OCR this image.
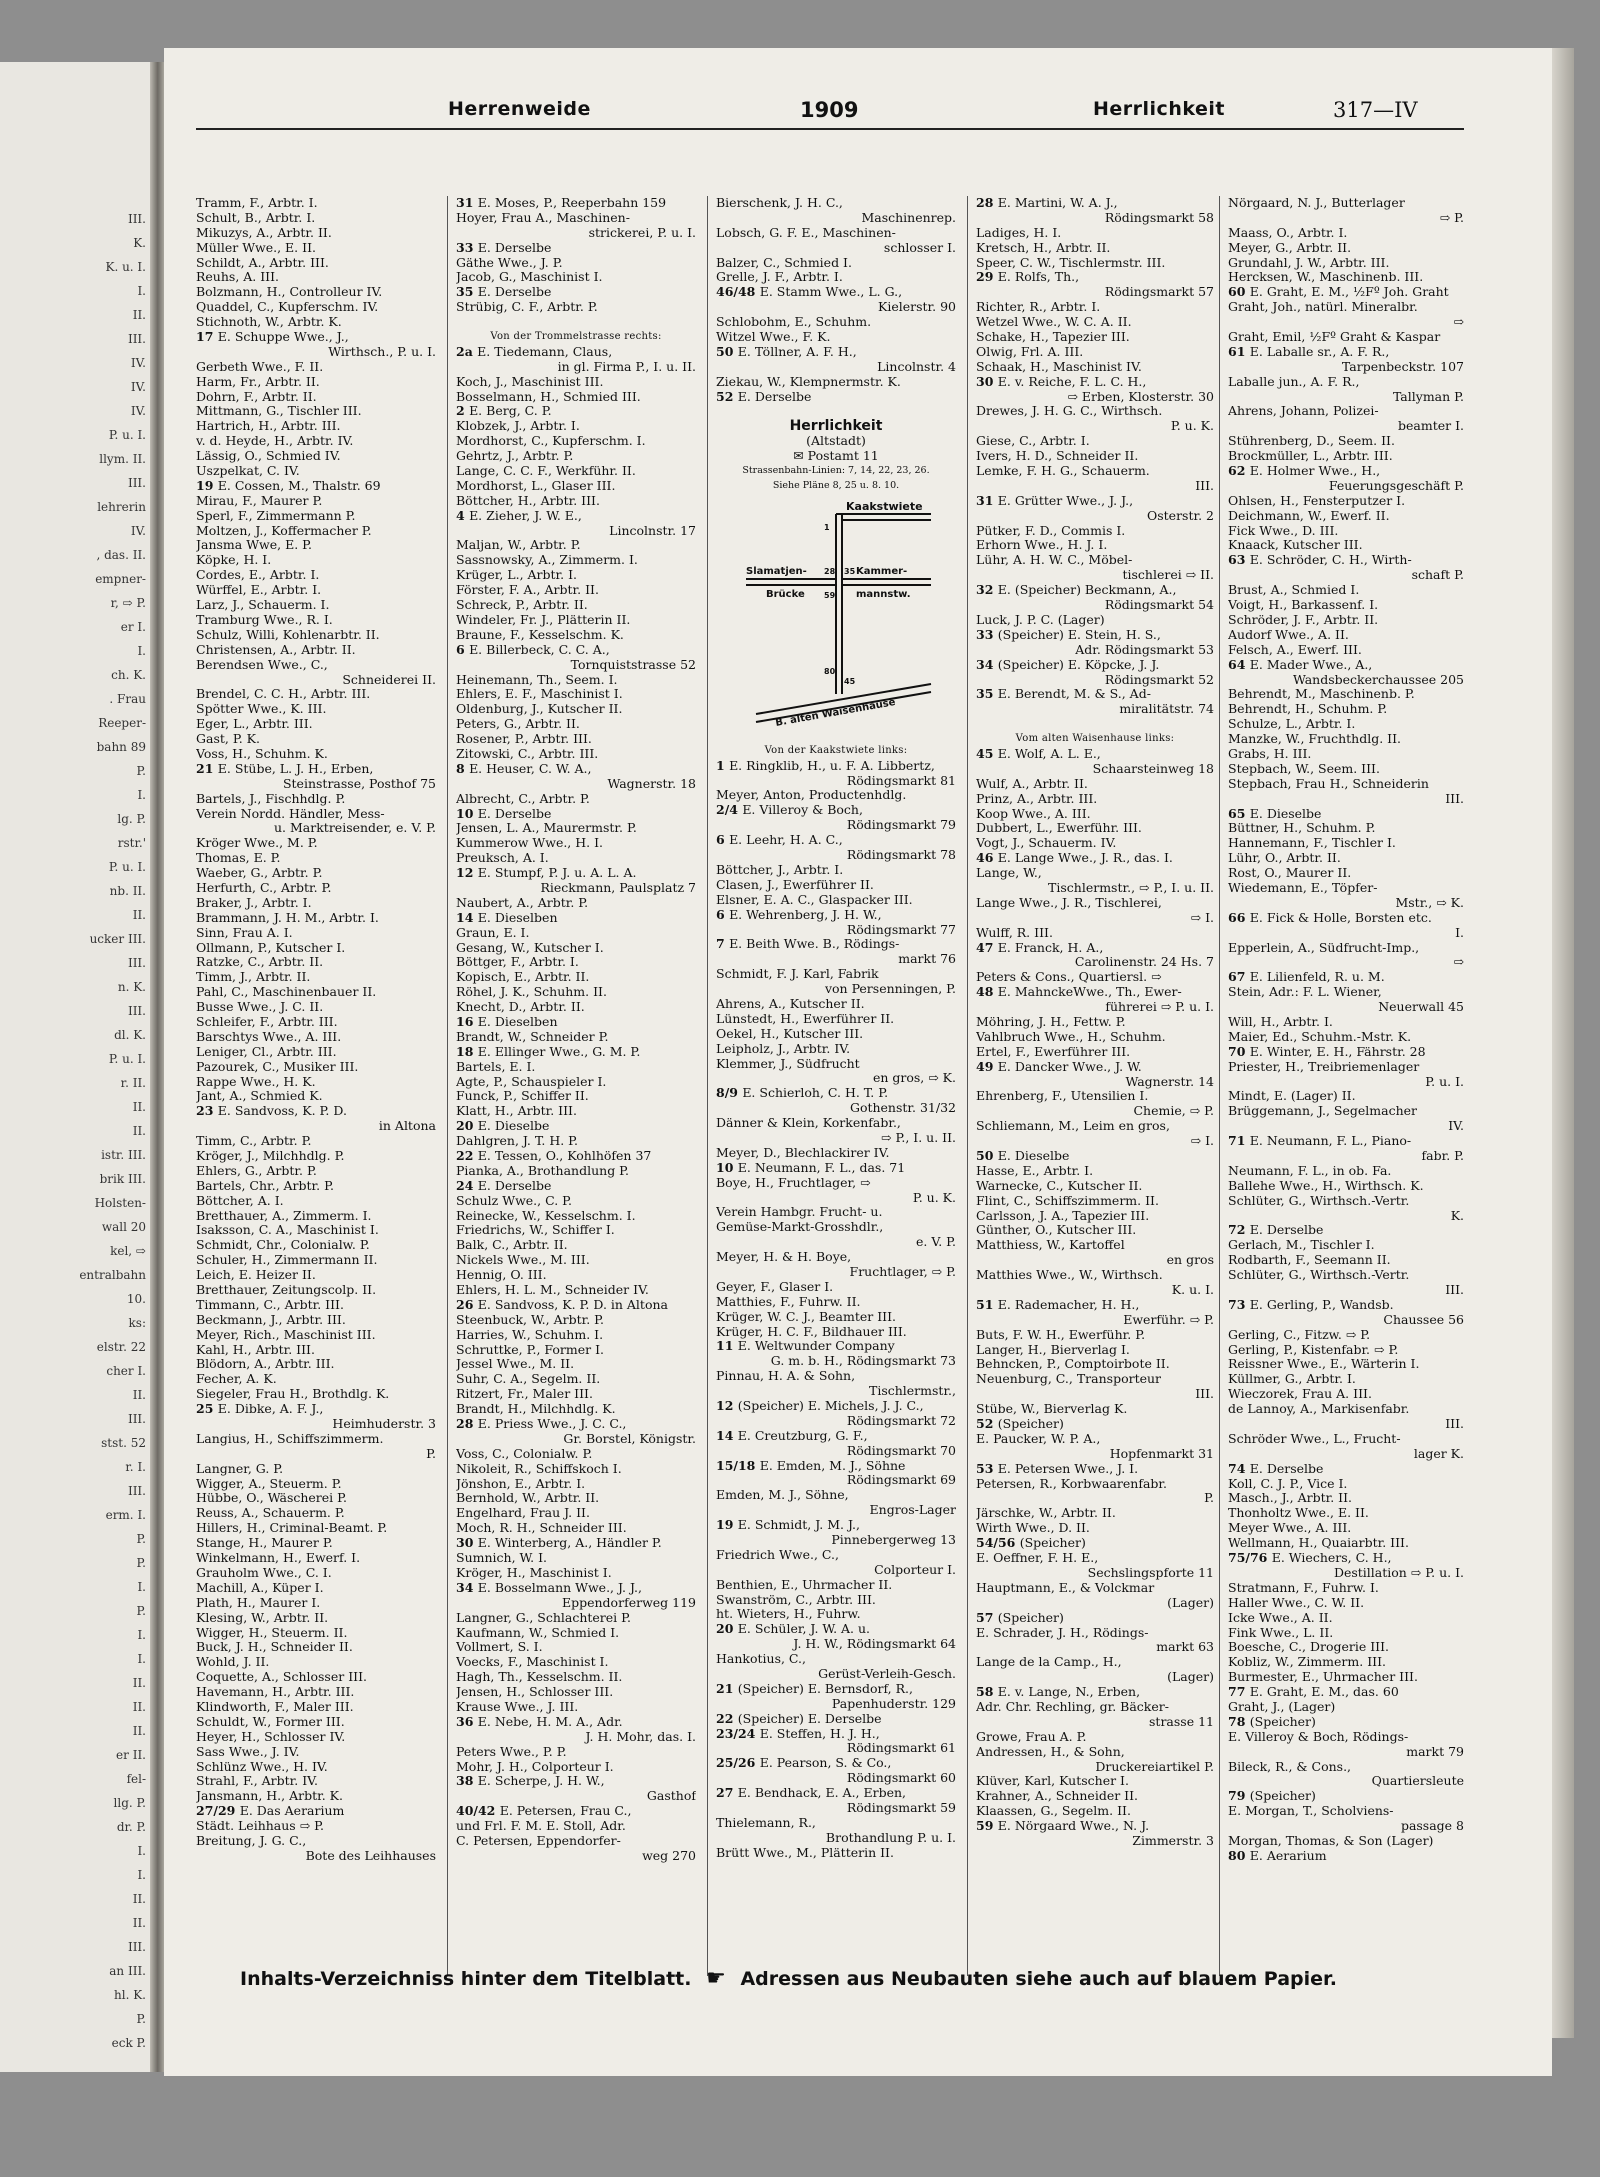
III.
K.
K. u. I.
I.
II.
III.
IV.
IV.
IV.
P. u. I.
llym. II.
III.
lehrerin
IV.
, das. II.
empner-
r, ⇨ P.
er I.
I.
ch. K.
. Frau
Reeper-
bahn 89
P.
I.
lg. P.
rstr.'
P. u. I.
nb. II.
II.
ucker III.
III.
n. K.
III.
dl. K.
P. u. I.
r. II.
II.
II.
istr. III.
brik III.
Holsten-
wall 20
kel, ⇨
entralbahn
10.
ks:
elstr. 22
cher I.
II.
III.
stst. 52
r. I.
III.
erm. I.
P.
P.
I.
P.
I.
I.
II.
II.
II.
er II.
fel-
llg. P.
dr. P.
I.
I.
II.
II.
III.
an III.
hl. K.
P.
eck P.
Herrenweide	1909	Herrlichkeit	317—IV
Tramm, F., Arbtr. I.
Schult, B., Arbtr. I.
Mikuzys, A., Arbtr. II.
Müller Wwe., E. II.
Schildt, A., Arbtr. III.
Reuhs, A. III.
Bolzmann, H., Controlleur IV.
Quaddel, C., Kupferschm. IV.
Stichnoth, W., Arbtr. K.
17 E. Schuppe Wwe., J.,
Wirthsch., P. u. I.
Gerbeth Wwe., F. II.
Harm, Fr., Arbtr. II.
Dohrn, F., Arbtr. II.
Mittmann, G., Tischler III.
Hartrich, H., Arbtr. III.
v. d. Heyde, H., Arbtr. IV.
Lässig, O., Schmied IV.
Uszpelkat, C. IV.
19 E. Cossen, M., Thalstr. 69
Mirau, F., Maurer P.
Sperl, F., Zimmermann P.
Moltzen, J., Koffermacher P.
Jansma Wwe, E. P.
Köpke, H. I.
Cordes, E., Arbtr. I.
Würffel, E., Arbtr. I.
Larz, J., Schauerm. I.
Tramburg Wwe., R. I.
Schulz, Willi, Kohlenarbtr. II.
Christensen, A., Arbtr. II.
Berendsen Wwe., C.,
Schneiderei II.
Brendel, C. C. H., Arbtr. III.
Spötter Wwe., K. III.
Eger, L., Arbtr. III.
Gast, P. K.
Voss, H., Schuhm. K.
21 E. Stübe, L. J. H., Erben,
Steinstrasse, Posthof 75
Bartels, J., Fischhdlg. P.
Verein Nordd. Händler, Mess-
u. Marktreisender, e. V. P.
Kröger Wwe., M. P.
Thomas, E. P.
Waeber, G., Arbtr. P.
Herfurth, C., Arbtr. P.
Braker, J., Arbtr. I.
Brammann, J. H. M., Arbtr. I.
Sinn, Frau A. I.
Ollmann, P., Kutscher I.
Ratzke, C., Arbtr. II.
Timm, J., Arbtr. II.
Pahl, C., Maschinenbauer II.
Busse Wwe., J. C. II.
Schleifer, F., Arbtr. III.
Barschtys Wwe., A. III.
Leniger, Cl., Arbtr. III.
Pazourek, C., Musiker III.
Rappe Wwe., H. K.
Jant, A., Schmied K.
23 E. Sandvoss, K. P. D.
in Altona
Timm, C., Arbtr. P.
Kröger, J., Milchhdlg. P.
Ehlers, G., Arbtr. P.
Bartels, Chr., Arbtr. P.
Böttcher, A. I.
Bretthauer, A., Zimmerm. I.
Isaksson, C. A., Maschinist I.
Schmidt, Chr., Colonialw. P.
Schuler, H., Zimmermann II.
Leich, E. Heizer II.
Bretthauer, Zeitungscolp. II.
Timmann, C., Arbtr. III.
Beckmann, J., Arbtr. III.
Meyer, Rich., Maschinist III.
Kahl, H., Arbtr. III.
Blödorn, A., Arbtr. III.
Fecher, A. K.
Siegeler, Frau H., Brothdlg. K.
25 E. Dibke, A. F. J.,
Heimhuderstr. 3
Langius, H., Schiffszimmerm.
P.
Langner, G. P.
Wigger, A., Steuerm. P.
Hübbe, O., Wäscherei P.
Reuss, A., Schauerm. P.
Hillers, H., Criminal-Beamt. P.
Stange, H., Maurer P.
Winkelmann, H., Ewerf. I.
Grauholm Wwe., C. I.
Machill, A., Küper I.
Plath, H., Maurer I.
Klesing, W., Arbtr. II.
Wigger, H., Steuerm. II.
Buck, J. H., Schneider II.
Wohld, J. II.
Coquette, A., Schlosser III.
Havemann, H., Arbtr. III.
Klindworth, F., Maler III.
Schuldt, W., Former III.
Heyer, H., Schlosser IV.
Sass Wwe., J. IV.
Schlünz Wwe., H. IV.
Strahl, F., Arbtr. IV.
Jansmann, H., Arbtr. K.
27/29 E. Das Aerarium
Städt. Leihhaus ⇨ P.
Breitung, J. G. C.,
Bote des Leihhauses
31 E. Moses, P., Reeperbahn 159
Hoyer, Frau A., Maschinen-
strickerei, P. u. I.
33 E. Derselbe
Gäthe Wwe., J. P.
Jacob, G., Maschinist I.
35 E. Derselbe
Strübig, C. F., Arbtr. P.
Von der Trommelstrasse rechts:
2a E. Tiedemann, Claus,
in gl. Firma P., I. u. II.
Koch, J., Maschinist III.
Bosselmann, H., Schmied III.
2 E. Berg, C. P.
Klobzek, J., Arbtr. I.
Mordhorst, C., Kupferschm. I.
Gehrtz, J., Arbtr. P.
Lange, C. C. F., Werkführ. II.
Mordhorst, L., Glaser III.
Böttcher, H., Arbtr. III.
4 E. Zieher, J. W. E.,
Lincolnstr. 17
Maljan, W., Arbtr. P.
Sassnowsky, A., Zimmerm. I.
Krüger, L., Arbtr. I.
Förster, F. A., Arbtr. II.
Schreck, P., Arbtr. II.
Windeler, Fr. J., Plätterin II.
Braune, F., Kesselschm. K.
6 E. Billerbeck, C. C. A.,
Tornquiststrasse 52
Heinemann, Th., Seem. I.
Ehlers, E. F., Maschinist I.
Oldenburg, J., Kutscher II.
Peters, G., Arbtr. II.
Rosener, P., Arbtr. III.
Zitowski, C., Arbtr. III.
8 E. Heuser, C. W. A.,
Wagnerstr. 18
Albrecht, C., Arbtr. P.
10 E. Derselbe
Jensen, L. A., Maurermstr. P.
Kummerow Wwe., H. I.
Preuksch, A. I.
12 E. Stumpf, P. J. u. A. L. A.
Rieckmann, Paulsplatz 7
Naubert, A., Arbtr. P.
14 E. Dieselben
Graun, E. I.
Gesang, W., Kutscher I.
Böttger, F., Arbtr. I.
Kopisch, E., Arbtr. II.
Röhel, J. K., Schuhm. II.
Knecht, D., Arbtr. II.
16 E. Dieselben
Brandt, W., Schneider P.
18 E. Ellinger Wwe., G. M. P.
Bartels, E. I.
Agte, P., Schauspieler I.
Funck, P., Schiffer II.
Klatt, H., Arbtr. III.
20 E. Dieselbe
Dahlgren, J. T. H. P.
22 E. Tessen, O., Kohlhöfen 37
Pianka, A., Brothandlung P.
24 E. Derselbe
Schulz Wwe., C. P.
Reinecke, W., Kesselschm. I.
Friedrichs, W., Schiffer I.
Balk, C., Arbtr. II.
Nickels Wwe., M. III.
Hennig, O. III.
Ehlers, H. L. M., Schneider IV.
26 E. Sandvoss, K. P. D. in Altona
Steenbuck, W., Arbtr. P.
Harries, W., Schuhm. I.
Schruttke, P., Former I.
Jessel Wwe., M. II.
Suhr, C. A., Segelm. II.
Ritzert, Fr., Maler III.
Brandt, H., Milchhdlg. K.
28 E. Priess Wwe., J. C. C.,
Gr. Borstel, Königstr.
Voss, C., Colonialw. P.
Nikoleit, R., Schiffskoch I.
Jönshon, E., Arbtr. I.
Bernhold, W., Arbtr. II.
Engelhard, Frau J. II.
Moch, R. H., Schneider III.
30 E. Winterberg, A., Händler P.
Sumnich, W. I.
Kröger, H., Maschinist I.
34 E. Bosselmann Wwe., J. J.,
Eppendorferweg 119
Langner, G., Schlachterei P.
Kaufmann, W., Schmied I.
Vollmert, S. I.
Voecks, F., Maschinist I.
Hagh, Th., Kesselschm. II.
Jensen, H., Schlosser III.
Krause Wwe., J. III.
36 E. Nebe, H. M. A., Adr.
J. H. Mohr, das. I.
Peters Wwe., P. P.
Mohr, J. H., Colporteur I.
38 E. Scherpe, J. H. W.,
Gasthof
40/42 E. Petersen, Frau C.,
und Frl. F. M. E. Stoll, Adr.
C. Petersen, Eppendorfer-
weg 270
Bierschenk, J. H. C.,
Maschinenrep.
Lobsch, G. F. E., Maschinen-
schlosser I.
Balzer, C., Schmied I.
Grelle, J. F., Arbtr. I.
46/48 E. Stamm Wwe., L. G.,
Kielerstr. 90
Schlobohm, E., Schuhm.
Witzel Wwe., F. K.
50 E. Töllner, A. F. H.,
Lincolnstr. 4
Ziekau, W., Klempnermstr. K.
52 E. Derselbe
Herrlichkeit
(Altstadt)
✉ Postamt 11
Strassenbahn-Linien: 7, 14, 22, 23, 26.
Siehe Pläne 8, 25 u. 8. 10.
Kaakstwiete
Slamatjen-
Brücke
Kammer-
mannstw.
B. alten Waisenhause
1
28 35
59
80
45
Von der Kaakstwiete links:
1 E. Ringklib, H., u. F. A. Libbertz,
Rödingsmarkt 81
Meyer, Anton, Productenhdlg.
2/4 E. Villeroy & Boch,
Rödingsmarkt 79
6 E. Leehr, H. A. C.,
Rödingsmarkt 78
Böttcher, J., Arbtr. I.
Clasen, J., Ewerführer II.
Elsner, E. A. C., Glaspacker III.
6 E. Wehrenberg, J. H. W.,
Rödingsmarkt 77
7 E. Beith Wwe. B., Rödings-
markt 76
Schmidt, F. J. Karl, Fabrik
von Persenningen, P.
Ahrens, A., Kutscher II.
Lünstedt, H., Ewerführer II.
Oekel, H., Kutscher III.
Leipholz, J., Arbtr. IV.
Klemmer, J., Südfrucht
en gros, ⇨ K.
8/9 E. Schierloh, C. H. T. P.
Gothenstr. 31/32
Dänner & Klein, Korkenfabr.,
⇨ P., I. u. II.
Meyer, D., Blechlackirer IV.
10 E. Neumann, F. L., das. 71
Boye, H., Fruchtlager, ⇨
P. u. K.
Verein Hambgr. Frucht- u.
Gemüse-Markt-Grosshdlr.,
e. V. P.
Meyer, H. & H. Boye,
Fruchtlager, ⇨ P.
Geyer, F., Glaser I.
Matthies, F., Fuhrw. II.
Krüger, W. C. J., Beamter III.
Krüger, H. C. F., Bildhauer III.
11 E. Weltwunder Company
G. m. b. H., Rödingsmarkt 73
Pinnau, H. A. & Sohn,
Tischlermstr.,
12 (Speicher) E. Michels, J. J. C.,
Rödingsmarkt 72
14 E. Creutzburg, G. F.,
Rödingsmarkt 70
15/18 E. Emden, M. J., Söhne
Rödingsmarkt 69
Emden, M. J., Söhne,
Engros-Lager
19 E. Schmidt, J. M. J.,
Pinnebergerweg 13
Friedrich Wwe., C.,
Colporteur I.
Benthien, E., Uhrmacher II.
Swanström, C., Arbtr. III.
ht. Wieters, H., Fuhrw.
20 E. Schüler, J. W. A. u.
J. H. W., Rödingsmarkt 64
Hankotius, C.,
Gerüst-Verleih-Gesch.
21 (Speicher) E. Bernsdorf, R.,
Papenhuderstr. 129
22 (Speicher) E. Derselbe
23/24 E. Steffen, H. J. H.,
Rödingsmarkt 61
25/26 E. Pearson, S. & Co.,
Rödingsmarkt 60
27 E. Bendhack, E. A., Erben,
Rödingsmarkt 59
Thielemann, R.,
Brothandlung P. u. I.
Brütt Wwe., M., Plätterin II.
28 E. Martini, W. A. J.,
Rödingsmarkt 58
Ladiges, H. I.
Kretsch, H., Arbtr. II.
Speer, C. W., Tischlermstr. III.
29 E. Rolfs, Th.,
Rödingsmarkt 57
Richter, R., Arbtr. I.
Wetzel Wwe., W. C. A. II.
Schake, H., Tapezier III.
Olwig, Frl. A. III.
Schaak, H., Maschinist IV.
30 E. v. Reiche, F. L. C. H.,
⇨ Erben, Klosterstr. 30
Drewes, J. H. G. C., Wirthsch.
P. u. K.
Giese, C., Arbtr. I.
Ivers, H. D., Schneider II.
Lemke, F. H. G., Schauerm.
III.
31 E. Grütter Wwe., J. J.,
Osterstr. 2
Pütker, F. D., Commis I.
Erhorn Wwe., H. J. I.
Lühr, A. H. W. C., Möbel-
tischlerei ⇨ II.
32 E. (Speicher) Beckmann, A.,
Rödingsmarkt 54
Luck, J. P. C. (Lager)
33 (Speicher) E. Stein, H. S.,
Adr. Rödingsmarkt 53
34 (Speicher) E. Köpcke, J. J.
Rödingsmarkt 52
35 E. Berendt, M. & S., Ad-
miralitätstr. 74
Vom alten Waisenhause links:
45 E. Wolf, A. L. E.,
Schaarsteinweg 18
Wulf, A., Arbtr. II.
Prinz, A., Arbtr. III.
Koop Wwe., A. III.
Dubbert, L., Ewerführ. III.
Vogt, J., Schauerm. IV.
46 E. Lange Wwe., J. R., das. I.
Lange, W.,
Tischlermstr., ⇨ P., I. u. II.
Lange Wwe., J. R., Tischlerei,
⇨ I.
Wulff, R. III.
47 E. Franck, H. A.,
Carolinenstr. 24 Hs. 7
Peters & Cons., Quartiersl. ⇨
48 E. MahnckeWwe., Th., Ewer-
führerei ⇨ P. u. I.
Möhring, J. H., Fettw. P.
Vahlbruch Wwe., H., Schuhm.
Ertel, F., Ewerführer III.
49 E. Dancker Wwe., J. W.
Wagnerstr. 14
Ehrenberg, F., Utensilien I.
Chemie, ⇨ P.
Schliemann, M., Leim en gros,
⇨ I.
50 E. Dieselbe
Hasse, E., Arbtr. I.
Warnecke, C., Kutscher II.
Flint, C., Schiffszimmerm. II.
Carlsson, J. A., Tapezier III.
Günther, O., Kutscher III.
Matthiess, W., Kartoffel
en gros
Matthies Wwe., W., Wirthsch.
K. u. I.
51 E. Rademacher, H. H.,
Ewerführ. ⇨ P.
Buts, F. W. H., Ewerführ. P.
Langer, H., Bierverlag I.
Behncken, P., Comptoirbote II.
Neuenburg, C., Transporteur
III.
Stübe, W., Bierverlag K.
52 (Speicher)
E. Paucker, W. P. A.,
Hopfenmarkt 31
53 E. Petersen Wwe., J. I.
Petersen, R., Korbwaarenfabr.
P.
Järschke, W., Arbtr. II.
Wirth Wwe., D. II.
54/56 (Speicher)
E. Oeffner, F. H. E.,
Sechslingspforte 11
Hauptmann, E., & Volckmar
(Lager)
57 (Speicher)
E. Schrader, J. H., Rödings-
markt 63
Lange de la Camp., H.,
(Lager)
58 E. v. Lange, N., Erben,
Adr. Chr. Rechling, gr. Bäcker-
strasse 11
Growe, Frau A. P.
Andressen, H., & Sohn,
Druckereiartikel P.
Klüver, Karl, Kutscher I.
Krahner, A., Schneider II.
Klaassen, G., Segelm. II.
59 E. Nörgaard Wwe., N. J.
Zimmerstr. 3
Nörgaard, N. J., Butterlager
⇨ P.
Maass, O., Arbtr. I.
Meyer, G., Arbtr. II.
Grundahl, J. W., Arbtr. III.
Hercksen, W., Maschinenb. III.
60 E. Graht, E. M., ½Fº Joh. Graht
Graht, Joh., natürl. Mineralbr.
⇨
Graht, Emil, ½Fº Graht & Kaspar
61 E. Laballe sr., A. F. R.,
Tarpenbeckstr. 107
Laballe jun., A. F. R.,
Tallyman P.
Ahrens, Johann, Polizei-
beamter I.
Stührenberg, D., Seem. II.
Brockmüller, L., Arbtr. III.
62 E. Holmer Wwe., H.,
Feuerungsgeschäft P.
Ohlsen, H., Fensterputzer I.
Deichmann, W., Ewerf. II.
Fick Wwe., D. III.
Knaack, Kutscher III.
63 E. Schröder, C. H., Wirth-
schaft P.
Brust, A., Schmied I.
Voigt, H., Barkassenf. I.
Schröder, J. F., Arbtr. II.
Audorf Wwe., A. II.
Felsch, A., Ewerf. III.
64 E. Mader Wwe., A.,
Wandsbeckerchaussee 205
Behrendt, M., Maschinenb. P.
Behrendt, H., Schuhm. P.
Schulze, L., Arbtr. I.
Manzke, W., Fruchthdlg. II.
Grabs, H. III.
Stepbach, W., Seem. III.
Stepbach, Frau H., Schneiderin
III.
65 E. Dieselbe
Büttner, H., Schuhm. P.
Hannemann, F., Tischler I.
Lühr, O., Arbtr. II.
Rost, O., Maurer II.
Wiedemann, E., Töpfer-
Mstr., ⇨ K.
66 E. Fick & Holle, Borsten etc.
I.
Epperlein, A., Südfrucht-Imp.,
⇨
67 E. Lilienfeld, R. u. M.
Stein, Adr.: F. L. Wiener,
Neuerwall 45
Will, H., Arbtr. I.
Maier, Ed., Schuhm.-Mstr. K.
70 E. Winter, E. H., Fährstr. 28
Priester, H., Treibriemenlager
P. u. I.
Mindt, E. (Lager) II.
Brüggemann, J., Segelmacher
IV.
71 E. Neumann, F. L., Piano-
fabr. P.
Neumann, F. L., in ob. Fa.
Ballehe Wwe., H., Wirthsch. K.
Schlüter, G., Wirthsch.-Vertr.
K.
72 E. Derselbe
Gerlach, M., Tischler I.
Rodbarth, F., Seemann II.
Schlüter, G., Wirthsch.-Vertr.
III.
73 E. Gerling, P., Wandsb.
Chaussee 56
Gerling, C., Fitzw. ⇨ P.
Gerling, P., Kistenfabr. ⇨ P.
Reissner Wwe., E., Wärterin I.
Küllmer, G., Arbtr. I.
Wieczorek, Frau A. III.
de Lannoy, A., Markisenfabr.
III.
Schröder Wwe., L., Frucht-
lager K.
74 E. Derselbe
Koll, C. J. P., Vice I.
Masch., J., Arbtr. II.
Thonholtz Wwe., E. II.
Meyer Wwe., A. III.
Wellmann, H., Quaiarbtr. III.
75/76 E. Wiechers, C. H.,
Destillation ⇨ P. u. I.
Stratmann, F., Fuhrw. I.
Haller Wwe., C. W. II.
Icke Wwe., A. II.
Fink Wwe., L. II.
Boesche, C., Drogerie III.
Kobliz, W., Zimmerm. III.
Burmester, E., Uhrmacher III.
77 E. Graht, E. M., das. 60
Graht, J., (Lager)
78 (Speicher)
E. Villeroy & Boch, Rödings-
markt 79
Bileck, R., & Cons.,
Quartiersleute
79 (Speicher)
E. Morgan, T., Scholviens-
passage 8
Morgan, Thomas, & Son (Lager)
80 E. Aerarium
Inhalts-Verzeichniss hinter dem Titelblatt. ☛ Adressen aus Neubauten siehe auch auf blauem Papier.
